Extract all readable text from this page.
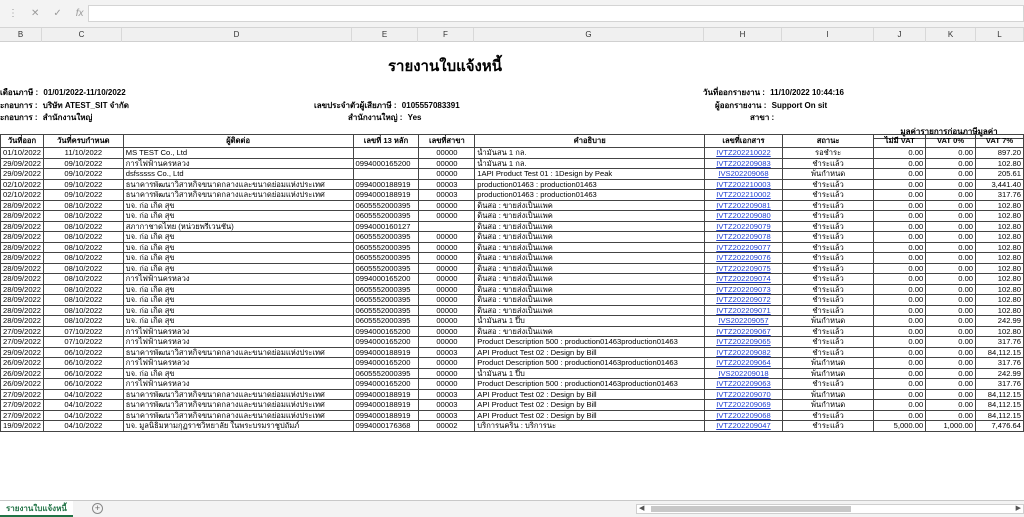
⋮ ✕ ✓ fx
B	C	D	E	F	G	H	I	J	K	L
รายงานใบแจ้งหนี้
เดือนภาษี : 01/01/2022-11/10/2022
ะกอบการ : บริษัท ATEST_SIT จำกัด
ะกอบการ : สำนักงานใหญ่
เลขประจำตัวผู้เสียภาษี : 0105557083391
สำนักงานใหญ่ : Yes
วันที่ออกรายงาน : 11/10/2022 10:44:16
ผู้ออกรายงาน : Support On sit
สาขา :
มูลค่ารายการก่อนภาษีมูลค่า
วันที่ออก	วันที่ครบกำหนด	ผู้ติดต่อ	เลขที่ 13 หลัก	เลขที่สาขา	คำอธิบาย	เลขที่เอกสาร	สถานะ	ไม่มี VAT	VAT 0%	VAT 7%
01/10/2022	11/10/2022	MS TEST Co., Ltd		00000	น้ำมันสน 1 กล.	IVTZ202210022	รอชำระ	0.00	0.00	897.20
29/09/2022	09/10/2022	การไฟฟ้านครหลวง	0994000165200	00000	น้ำมันสน 1 กล.	IVTZ202209083	ชำระแล้ว	0.00	0.00	102.80
29/09/2022	09/10/2022	dsfsssss Co., Ltd		00000	1API Product Test 01 : 1Design by Peak	IVS202209068	พ้นกำหนด	0.00	0.00	205.61
02/10/2022	09/10/2022	ธนาคารพัฒนาวิสาหกิจขนาดกลางและขนาดย่อมแห่งประเทศ	0994000188919	00003	production01463 : production01463	IVTZ202210003	ชำระแล้ว	0.00	0.00	3,441.40
02/10/2022	09/10/2022	ธนาคารพัฒนาวิสาหกิจขนาดกลางและขนาดย่อมแห่งประเทศ	0994000188919	00003	production01463 : production01463	IVTZ202210002	ชำระแล้ว	0.00	0.00	317.76
28/09/2022	08/10/2022	บจ. ก่อ เกิด สุข	0605552000395	00000	ดินสอ : ขายส่งเป็นแพค	IVTZ202209081	ชำระแล้ว	0.00	0.00	102.80
28/09/2022	08/10/2022	บจ. ก่อ เกิด สุข	0605552000395	00000	ดินสอ : ขายส่งเป็นแพค	IVTZ202209080	ชำระแล้ว	0.00	0.00	102.80
28/09/2022	08/10/2022	สภากาชาดไทย (หน่วยพรีเวนชั่น)	0994000160127		ดินสอ : ขายส่งเป็นแพค	IVTZ202209079	ชำระแล้ว	0.00	0.00	102.80
28/09/2022	08/10/2022	บจ. ก่อ เกิด สุข	0605552000395	00000	ดินสอ : ขายส่งเป็นแพค	IVTZ202209078	ชำระแล้ว	0.00	0.00	102.80
28/09/2022	08/10/2022	บจ. ก่อ เกิด สุข	0605552000395	00000	ดินสอ : ขายส่งเป็นแพค	IVTZ202209077	ชำระแล้ว	0.00	0.00	102.80
28/09/2022	08/10/2022	บจ. ก่อ เกิด สุข	0605552000395	00000	ดินสอ : ขายส่งเป็นแพค	IVTZ202209076	ชำระแล้ว	0.00	0.00	102.80
28/09/2022	08/10/2022	บจ. ก่อ เกิด สุข	0605552000395	00000	ดินสอ : ขายส่งเป็นแพค	IVTZ202209075	ชำระแล้ว	0.00	0.00	102.80
28/09/2022	08/10/2022	การไฟฟ้านครหลวง	0994000165200	00000	ดินสอ : ขายส่งเป็นแพค	IVTZ202209074	ชำระแล้ว	0.00	0.00	102.80
28/09/2022	08/10/2022	บจ. ก่อ เกิด สุข	0605552000395	00000	ดินสอ : ขายส่งเป็นแพค	IVTZ202209073	ชำระแล้ว	0.00	0.00	102.80
28/09/2022	08/10/2022	บจ. ก่อ เกิด สุข	0605552000395	00000	ดินสอ : ขายส่งเป็นแพค	IVTZ202209072	ชำระแล้ว	0.00	0.00	102.80
28/09/2022	08/10/2022	บจ. ก่อ เกิด สุข	0605552000395	00000	ดินสอ : ขายส่งเป็นแพค	IVTZ202209071	ชำระแล้ว	0.00	0.00	102.80
28/09/2022	08/10/2022	บจ. ก่อ เกิด สุข	0605552000395	00000	น้ำมันสน 1 ปี๊บ	IVS202209057	พ้นกำหนด	0.00	0.00	242.99
27/09/2022	07/10/2022	การไฟฟ้านครหลวง	0994000165200	00000	ดินสอ : ขายส่งเป็นแพค	IVTZ202209067	ชำระแล้ว	0.00	0.00	102.80
27/09/2022	07/10/2022	การไฟฟ้านครหลวง	0994000165200	00000	Product Description 500 : production01463production01463	IVTZ202209065	ชำระแล้ว	0.00	0.00	317.76
29/09/2022	06/10/2022	ธนาคารพัฒนาวิสาหกิจขนาดกลางและขนาดย่อมแห่งประเทศ	0994000188919	00003	API Product Test 02 : Design by Bill	IVTZ202209082	ชำระแล้ว	0.00	0.00	84,112.15
26/09/2022	06/10/2022	การไฟฟ้านครหลวง	0994000165200	00000	Product Description 500 : production01463production01463	IVTZ202209064	พ้นกำหนด	0.00	0.00	317.76
26/09/2022	06/10/2022	บจ. ก่อ เกิด สุข	0605552000395	00000	น้ำมันสน 1 ปี๊บ	IVS202209018	พ้นกำหนด	0.00	0.00	242.99
26/09/2022	06/10/2022	การไฟฟ้านครหลวง	0994000165200	00000	Product Description 500 : production01463production01463	IVTZ202209063	ชำระแล้ว	0.00	0.00	317.76
27/09/2022	04/10/2022	ธนาคารพัฒนาวิสาหกิจขนาดกลางและขนาดย่อมแห่งประเทศ	0994000188919	00003	API Product Test 02 : Design by Bill	IVTZ202209070	พ้นกำหนด	0.00	0.00	84,112.15
27/09/2022	04/10/2022	ธนาคารพัฒนาวิสาหกิจขนาดกลางและขนาดย่อมแห่งประเทศ	0994000188919	00003	API Product Test 02 : Design by Bill	IVTZ202209069	พ้นกำหนด	0.00	0.00	84,112.15
27/09/2022	04/10/2022	ธนาคารพัฒนาวิสาหกิจขนาดกลางและขนาดย่อมแห่งประเทศ	0994000188919	00003	API Product Test 02 : Design by Bill	IVTZ202209068	ชำระแล้ว	0.00	0.00	84,112.15
19/09/2022	04/10/2022	บจ. มูลนิธิมหามกุฏราชวิทยาลัย ในพระบรมราชูปถัมภ์	0994000176368	00002	บริการนคริน : บริการนะ	IVTZ202209047	ชำระแล้ว	5,000.00	1,000.00	7,476.64
รายงานใบแจ้งหนี้	+	◀	▶
